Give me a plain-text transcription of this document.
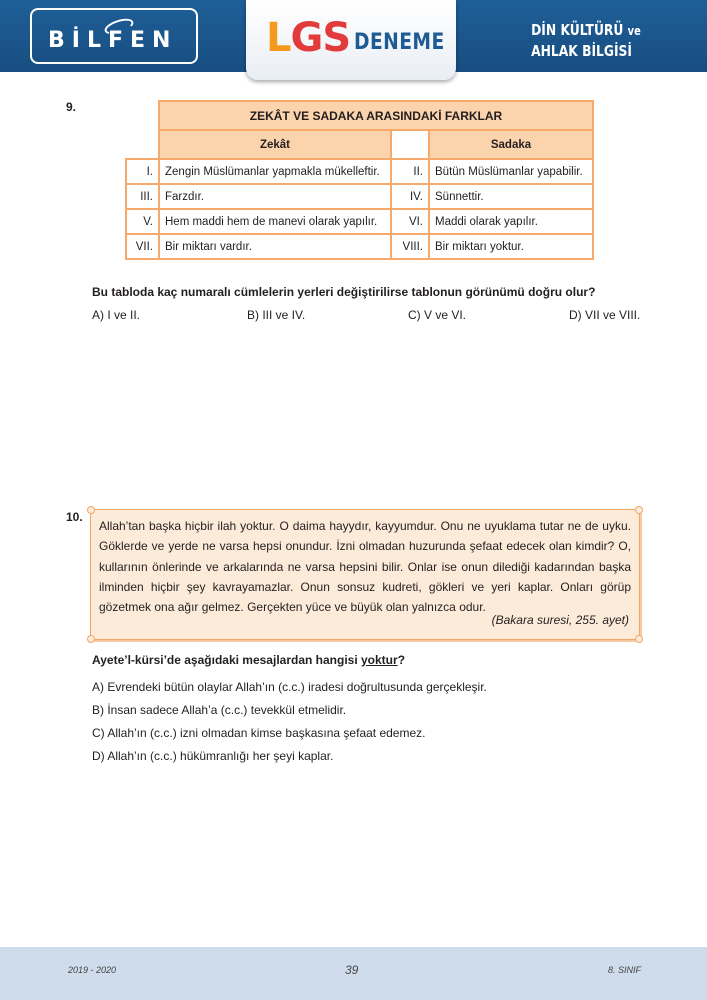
BİLFEN LGS DENEME	DİN KÜLTÜRÜ ve
AHLAK BİLGİSİ
9.
	ZEKÂT VE SADAKA ARASINDAKİ FARKLAR		
	Zekât		Sadaka
I.	Zengin Müslümanlar yapmakla mükelleftir.	II.	Bütün Müslümanlar yapabilir.
III.	Farzdır.	IV.	Sünnettir.
V.	Hem maddi hem de manevi olarak yapılır.	VI.	Maddi olarak yapılır.
VII.	Bir miktarı vardır.	VIII.	Bir miktarı yoktur.
Bu tabloda kaç numaralı cümlelerin yerleri değiştirilirse tablonun görünümü doğru olur?
A) I ve II.	B) III ve IV.	C) V ve VI.	D) VII ve VIII.
10.
Allah’tan başka hiçbir ilah yoktur. O daima hayydır, kayyumdur. Onu ne uyuklama tutar ne de uyku. Göklerde ve yerde ne varsa hepsi onundur. İzni olmadan huzurunda şefaat edecek olan kimdir? O, kullarının önlerinde ve arkalarında ne varsa hepsini bilir. Onlar ise onun dilediği kadarından başka ilminden hiçbir şey kavrayamazlar. Onun sonsuz kudreti, gökleri ve yeri kaplar. Onları görüp gözetmek ona ağır gelmez. Gerçekten yüce ve büyük olan yalnızca odur.
(Bakara suresi, 255. ayet)
Ayete’l-kürsi’de aşağıdaki mesajlardan hangisi yoktur?
A) Evrendeki bütün olaylar Allah’ın (c.c.) iradesi doğrultusunda gerçekleşir.
B) İnsan sadece Allah’a (c.c.) tevekkül etmelidir.
C) Allah’ın (c.c.) izni olmadan kimse başkasına şefaat edemez.
D) Allah’ın (c.c.) hükümranlığı her şeyi kaplar.
2019 - 2020	39	8. SINIF
